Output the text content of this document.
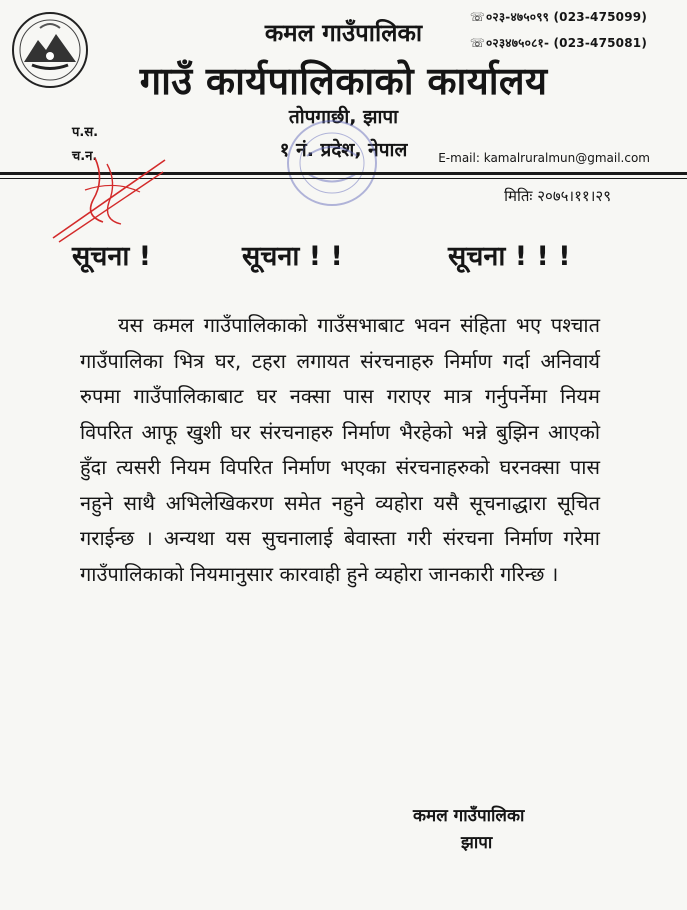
कमल गाउँपालिका
गाउँ कार्यपालिकाको कार्यालय
तोपगाछी, झापा
१ नं. प्रदेश, नेपाल
☏०२३-४७५०९९ (023-475099)
☏०२३४७५०८१- (023-475081)
प.स.
च.न.	E-mail: kamalruralmun@gmail.com
मितिः २०७५।११।२९
सूचना !	सूचना ! !	सूचना ! ! !
यस कमल गाउँपालिकाको गाउँसभाबाट भवन संहिता भए पश्चात गाउँपालिका भित्र घर, टहरा लगायत संरचनाहरु निर्माण गर्दा अनिवार्य रुपमा गाउँपालिकाबाट घर नक्सा पास गराएर मात्र गर्नुपर्नेमा नियम विपरित आफू खुशी घर संरचनाहरु निर्माण भैरहेको भन्ने बुझिन आएको हुँदा त्यसरी नियम विपरित निर्माण भएका संरचनाहरुको घरनक्सा पास नहुने साथै अभिलेखिकरण समेत नहुने व्यहोरा यसै सूचनाद्धारा सूचित गराईन्छ । अन्यथा यस सुचनालाई बेवास्ता गरी संरचना निर्माण गरेमा गाउँपालिकाको नियमानुसार कारवाही हुने व्यहोरा जानकारी गरिन्छ ।
कमल गाउँपालिका
झापा
